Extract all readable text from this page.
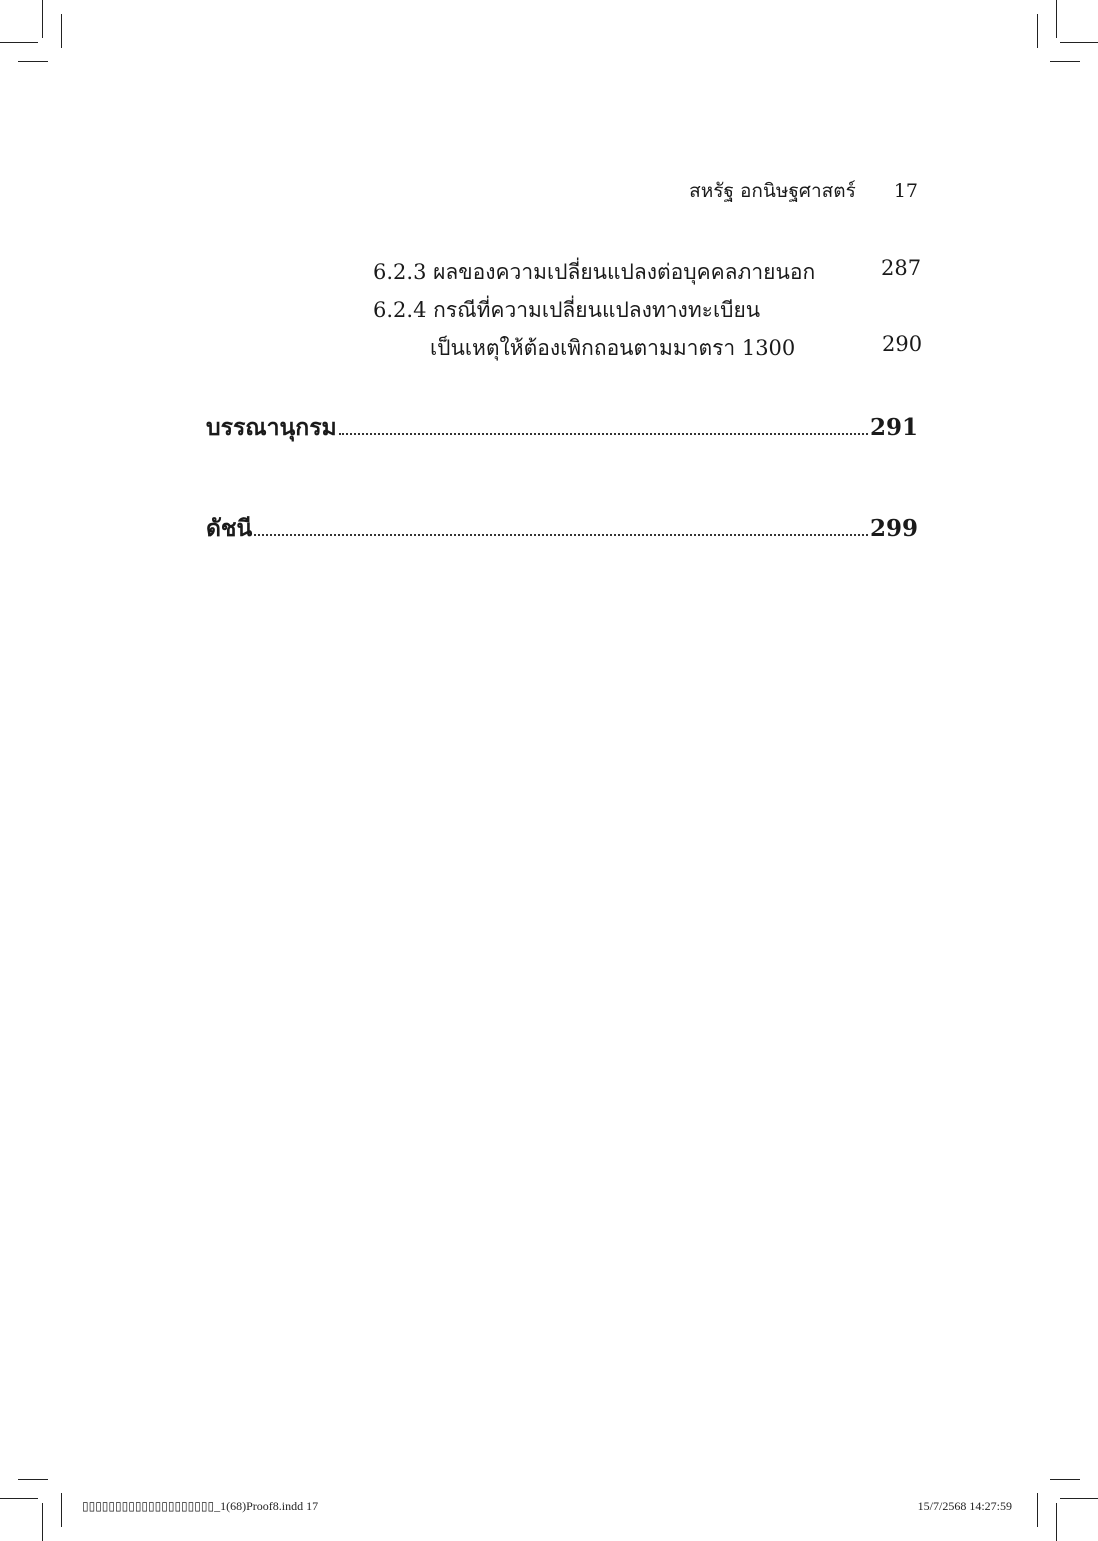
สหรัฐ อกนิษฐศาสตร์ 17
6.2.3 ผลของความเปลี่ยนแปลงต่อบุคคลภายนอก	287
6.2.4 กรณีที่ความเปลี่ยนแปลงทางทะเบียน
เป็นเหตุให้ต้องเพิกถอนตามมาตรา 1300	290
บรรณานุกรม	291
ดัชนี	299
▯▯▯▯▯▯▯▯▯▯▯▯▯▯▯▯▯▯▯▯_1(68)Proof8.indd 17	15/7/2568 14:27:59
